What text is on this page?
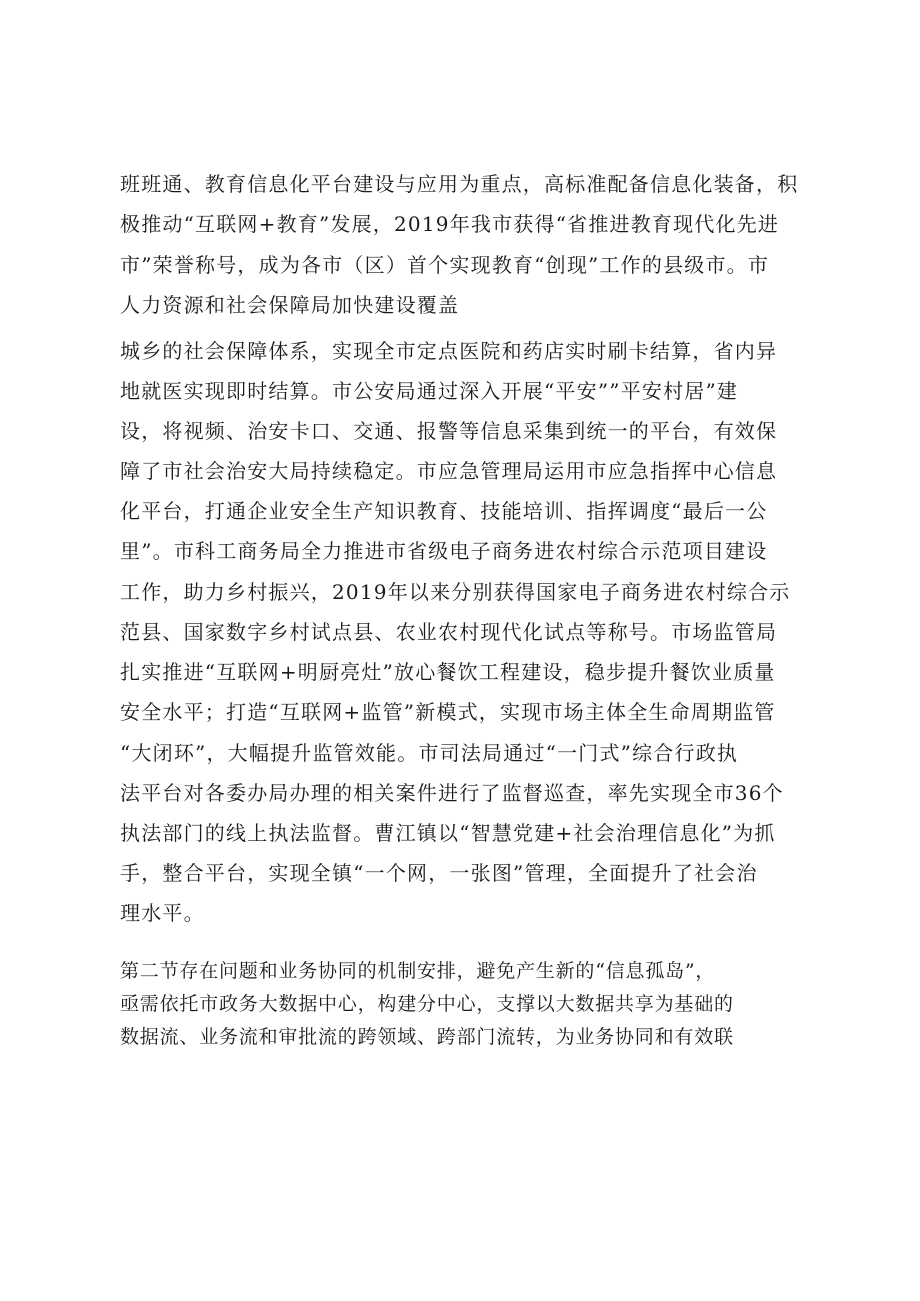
班班通、教育信息化平台建设与应用为重点，高标准配备信息化装备，积
极推动“互联网+教育”发展，2019年我市获得“省推进教育现代化先进
市”荣誉称号，成为各市（区）首个实现教育“创现”工作的县级市。市
人力资源和社会保障局加快建设覆盖
城乡的社会保障体系，实现全市定点医院和药店实时刷卡结算，省内异
地就医实现即时结算。市公安局通过深入开展“平安””平安村居”建
设，将视频、治安卡口、交通、报警等信息采集到统一的平台，有效保
障了市社会治安大局持续稳定。市应急管理局运用市应急指挥中心信息
化平台，打通企业安全生产知识教育、技能培训、指挥调度“最后一公
里”。市科工商务局全力推进市省级电子商务进农村综合示范项目建设
工作，助力乡村振兴，2019年以来分别获得国家电子商务进农村综合示
范县、国家数字乡村试点县、农业农村现代化试点等称号。市场监管局
扎实推进“互联网+明厨亮灶”放心餐饮工程建设，稳步提升餐饮业质量
安全水平；打造“互联网+监管”新模式，实现市场主体全生命周期监管
“大闭环”，大幅提升监管效能。市司法局通过“一门式”综合行政执
法平台对各委办局办理的相关案件进行了监督巡查，率先实现全市36个
执法部门的线上执法监督。曹江镇以“智慧党建+社会治理信息化”为抓
手，整合平台，实现全镇“一个网，一张图”管理，全面提升了社会治
理水平。
第二节存在问题和业务协同的机制安排，避免产生新的“信息孤岛”，
亟需依托市政务大数据中心，构建分中心，支撑以大数据共享为基础的
数据流、业务流和审批流的跨领域、跨部门流转，为业务协同和有效联
